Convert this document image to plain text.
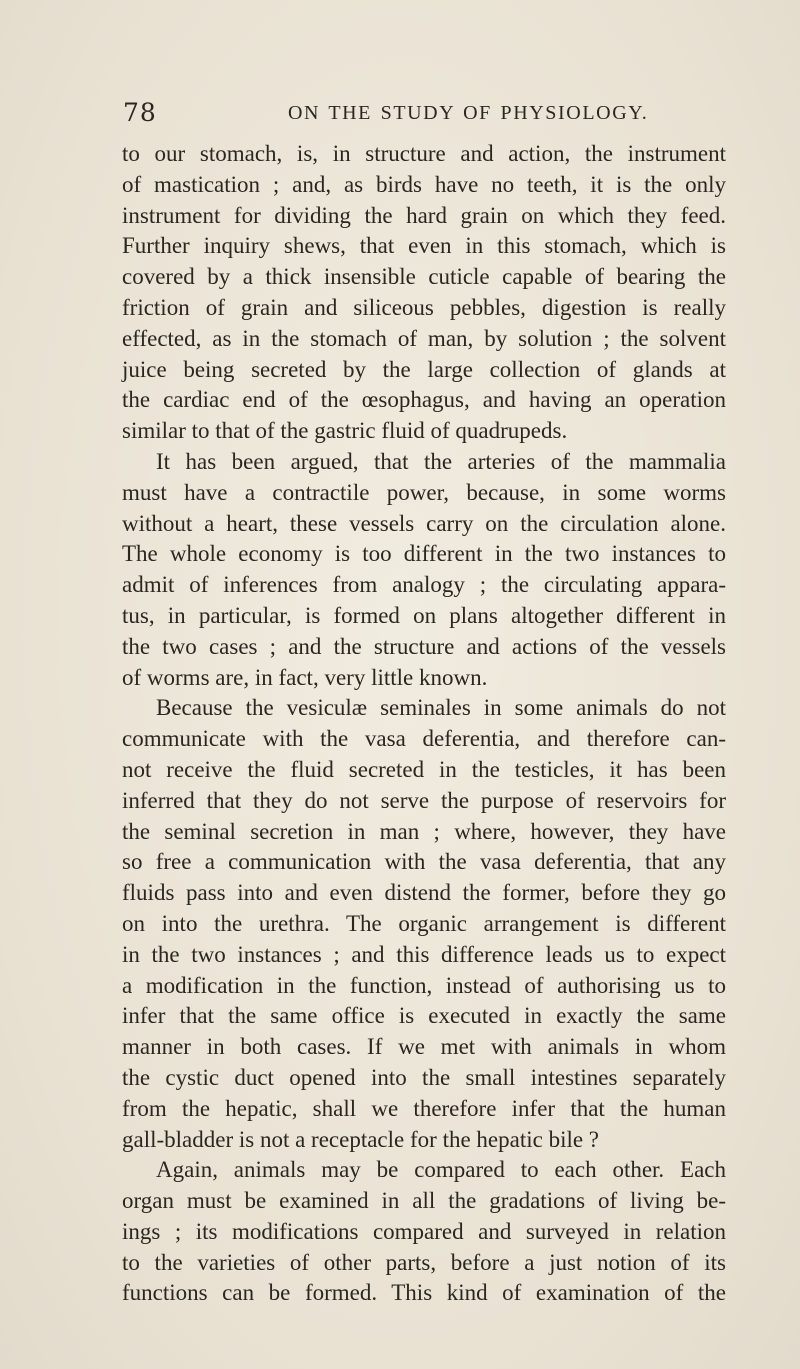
78	ON THE STUDY OF PHYSIOLOGY.
to our stomach, is, in structure and action, the instrument
of mastication ; and, as birds have no teeth, it is the only
instrument for dividing the hard grain on which they feed.
Further inquiry shews, that even in this stomach, which is
covered by a thick insensible cuticle capable of bearing the
friction of grain and siliceous pebbles, digestion is really
effected, as in the stomach of man, by solution ; the solvent
juice being secreted by the large collection of glands at
the cardiac end of the œsophagus, and having an operation
similar to that of the gastric fluid of quadrupeds.
It has been argued, that the arteries of the mammalia
must have a contractile power, because, in some worms
without a heart, these vessels carry on the circulation alone.
The whole economy is too different in the two instances to
admit of inferences from analogy ; the circulating appara-
tus, in particular, is formed on plans altogether different in
the two cases ; and the structure and actions of the vessels
of worms are, in fact, very little known.
Because the vesiculæ seminales in some animals do not
communicate with the vasa deferentia, and therefore can-
not receive the fluid secreted in the testicles, it has been
inferred that they do not serve the purpose of reservoirs for
the seminal secretion in man ; where, however, they have
so free a communication with the vasa deferentia, that any
fluids pass into and even distend the former, before they go
on into the urethra. The organic arrangement is different
in the two instances ; and this difference leads us to expect
a modification in the function, instead of authorising us to
infer that the same office is executed in exactly the same
manner in both cases. If we met with animals in whom
the cystic duct opened into the small intestines separately
from the hepatic, shall we therefore infer that the human
gall-bladder is not a receptacle for the hepatic bile ?
Again, animals may be compared to each other. Each
organ must be examined in all the gradations of living be-
ings ; its modifications compared and surveyed in relation
to the varieties of other parts, before a just notion of its
functions can be formed. This kind of examination of the
